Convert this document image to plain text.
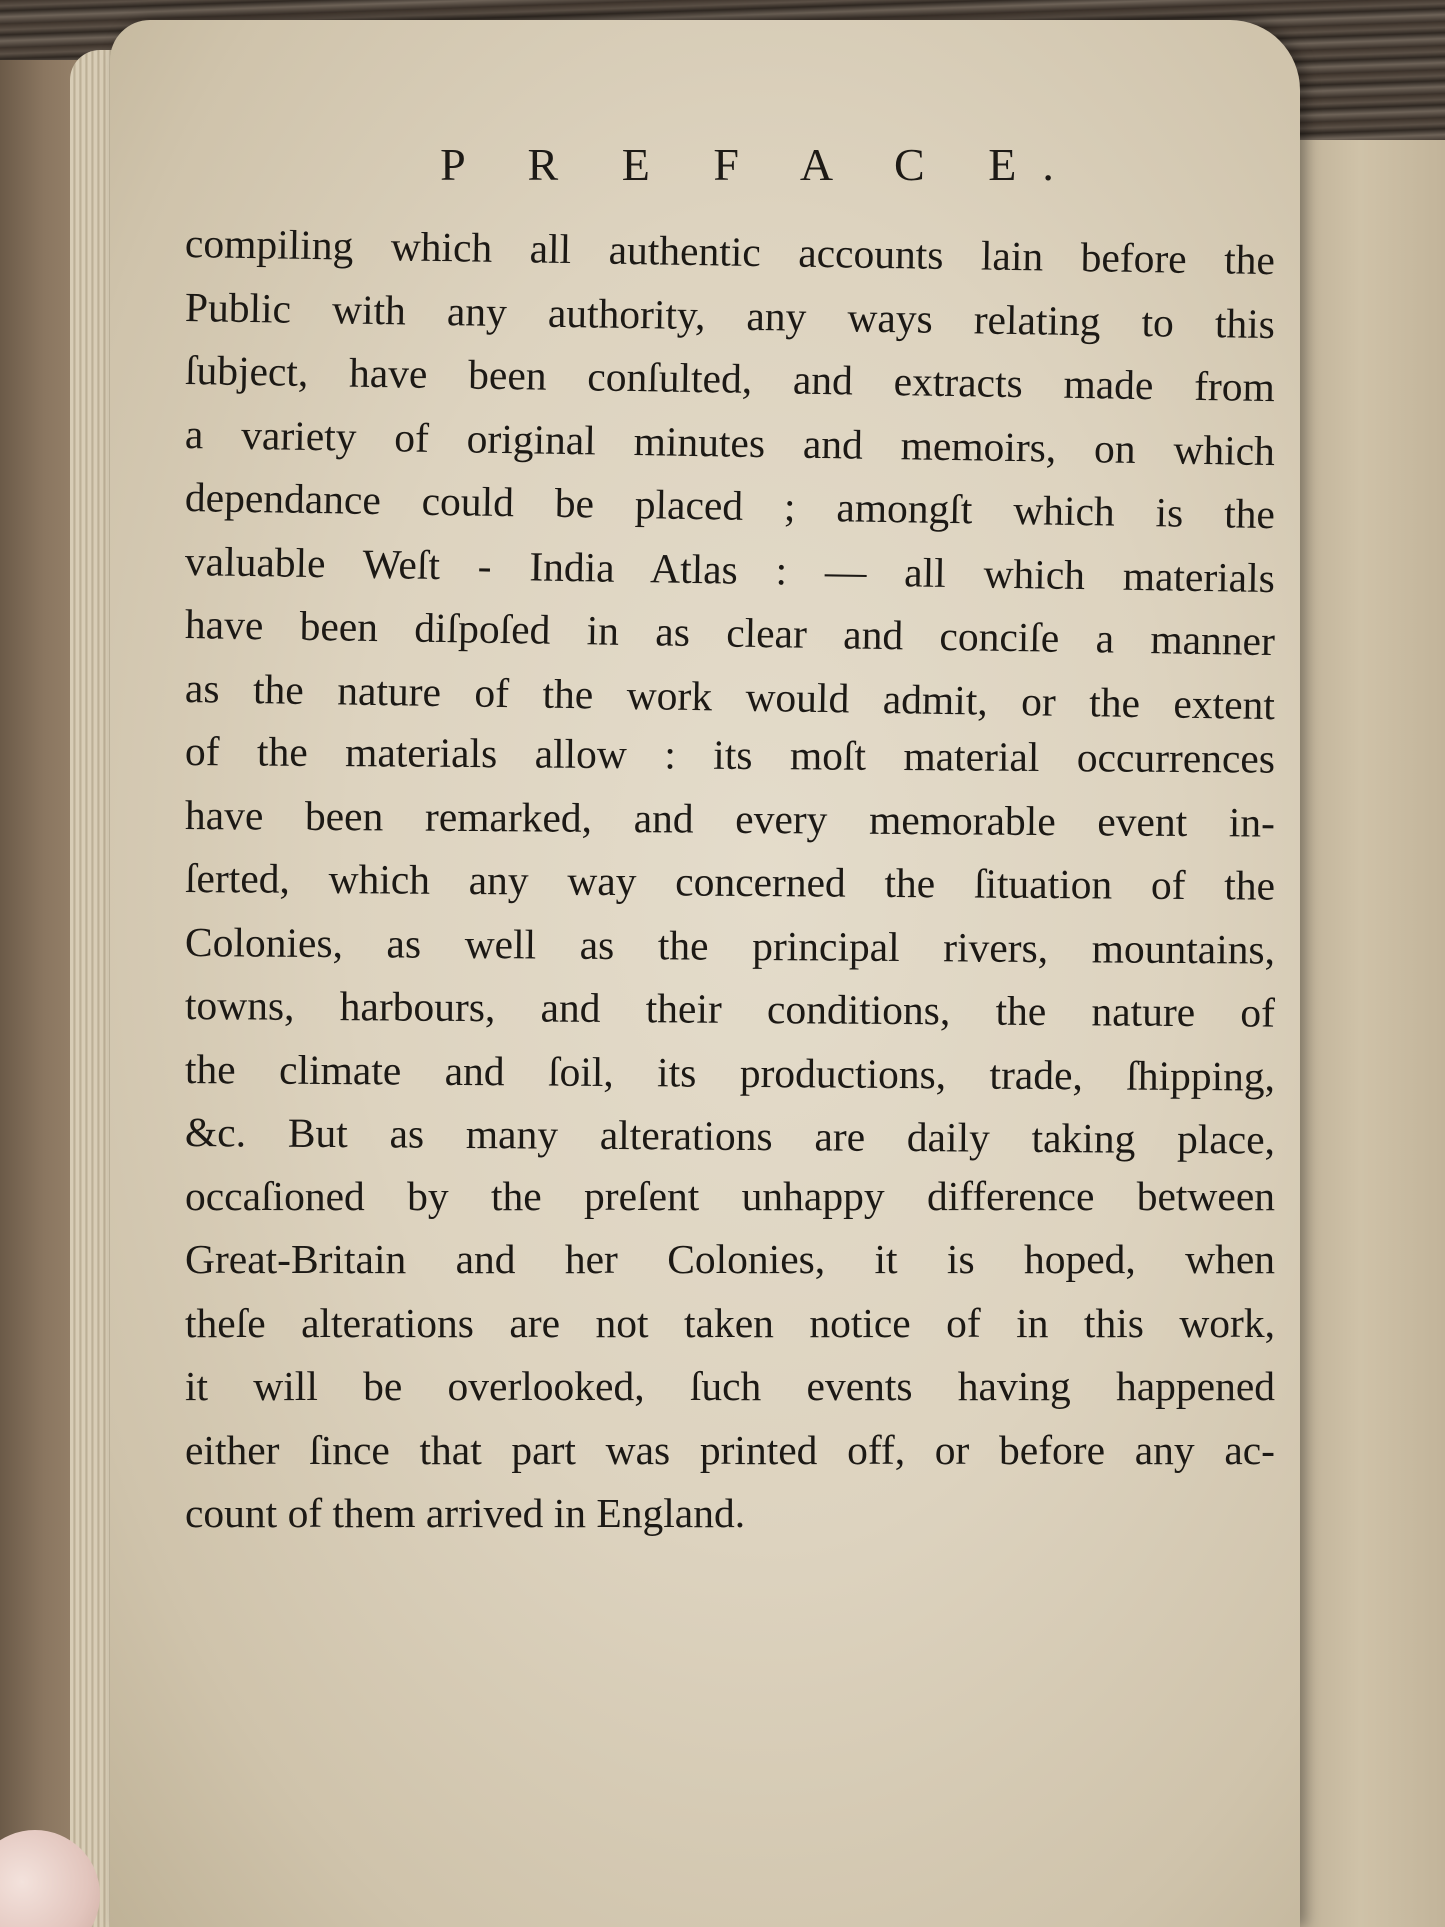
P R E F A C E.
compiling which all authentic accounts lain before the
Public with any authority, any ways relating to this
ſubject, have been conſulted, and extracts made from
a variety of original minutes and memoirs, on which
dependance could be placed ; amongſt which is the
valuable Weſt - India Atlas : — all which materials
have been diſpoſed in as clear and conciſe a manner
as the nature of the work would admit, or the extent
of the materials allow : its moſt material occurrences
have been remarked, and every memorable event in-
ſerted, which any way concerned the ſituation of the
Colonies, as well as the principal rivers, mountains,
towns, harbours, and their conditions, the nature of
the climate and ſoil, its productions, trade, ſhipping,
&c. But as many alterations are daily taking place,
occaſioned by the preſent unhappy difference between
Great-Britain and her Colonies, it is hoped, when
theſe alterations are not taken notice of in this work,
it will be overlooked, ſuch events having happened
either ſince that part was printed off, or before any ac-
count of them arrived in England.
